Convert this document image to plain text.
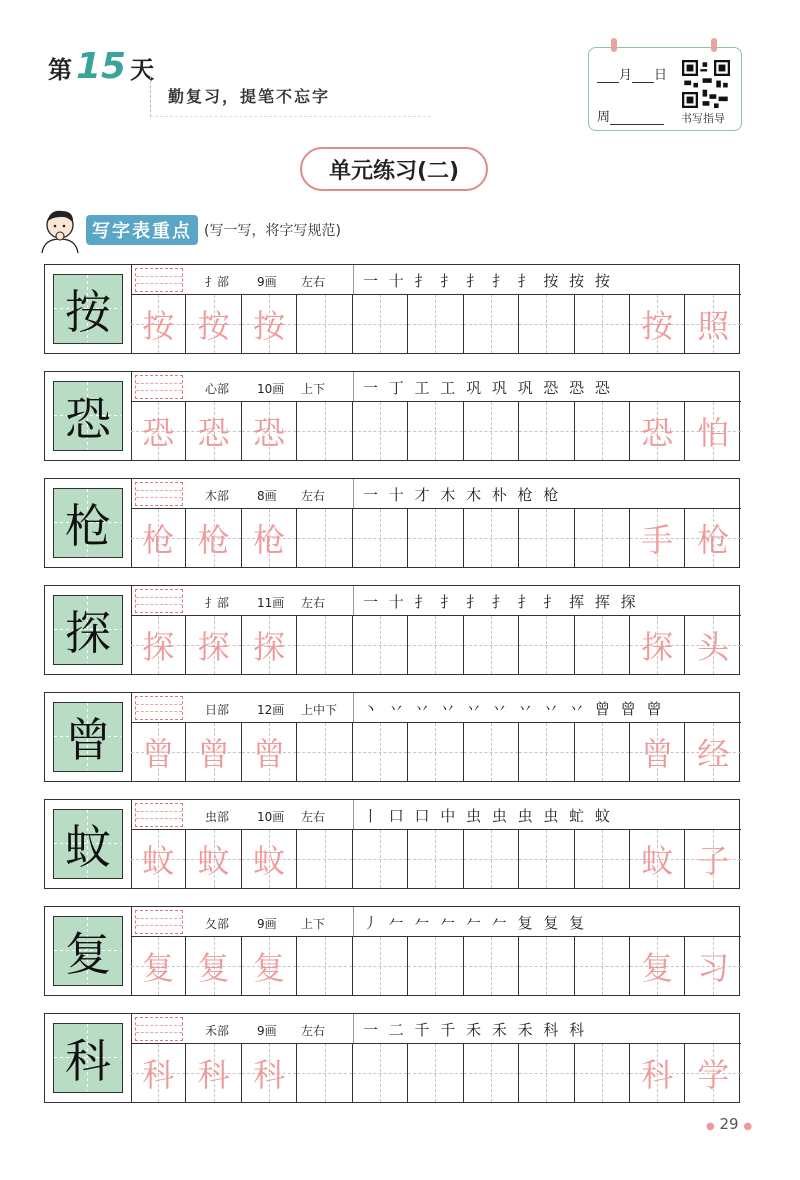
第 15 天
勤复习，提笔不忘字
月 日
周	书写指导
单元练习(二)
写字表重点 (写一写，将字写规范)
按
扌部 9画 左右	一 十 扌 扌 扌 扌 扌 按 按 按
按 按 按	按 照
恐
心部 10画 上下	一 丁 工 工 巩 巩 巩 恐 恐 恐
恐 恐 恐	恐 怕
枪
木部 8画 左右	一 十 才 木 木 朴 枪 枪
枪 枪 枪	手 枪
探
扌部 11画 左右	一 十 扌 扌 扌 扌 扌 扌 挥 挥 探
探 探 探	探 头
曾
日部 12画 上中下 丶 丷 丷 丷 丷 丷 丷 丷 丷 曾 曾 曾
曾 曾 曾	曾 经
蚊
虫部 10画 左右	丨 口 口 中 虫 虫 虫 虫 虻 蚊
蚊 蚊 蚊	蚊 子
复
夂部 9画 上下	丿 𠂉 𠂉 𠂉 𠂉 𠂉 复 复 复
复 复 复	复 习
科
禾部 9画 左右	一 二 千 千 禾 禾 禾 科 科
科 科 科	科 学
● 29 ●
